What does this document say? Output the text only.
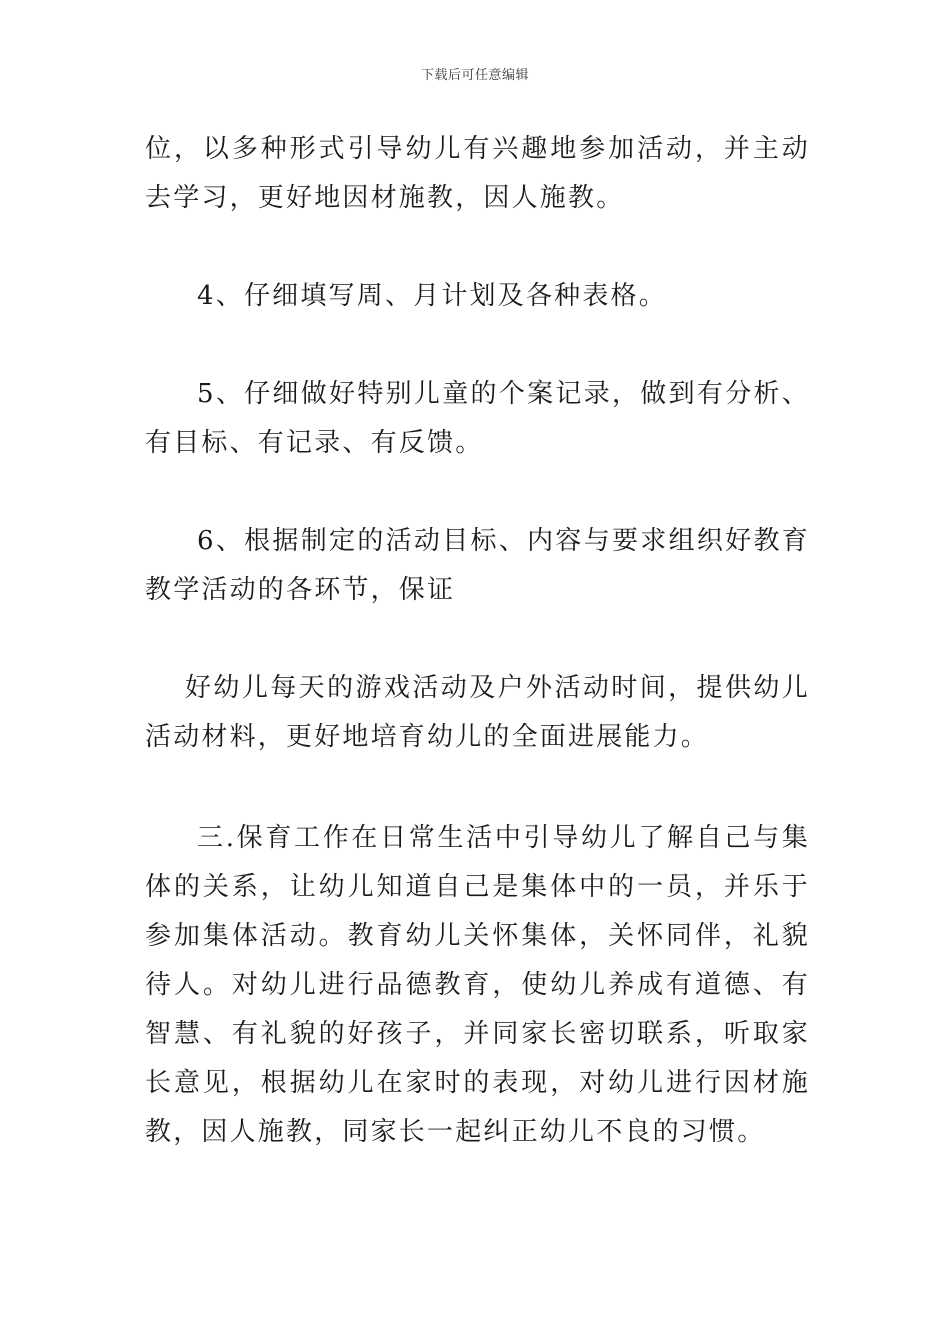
下载后可任意编辑

位，以多种形式引导幼儿有兴趣地参加活动，并主动去学习，更好地因材施教，因人施教。

4、仔细填写周、月计划及各种表格。

5、仔细做好特别儿童的个案记录，做到有分析、有目标、有记录、有反馈。

6、根据制定的活动目标、内容与要求组织好教育教学活动的各环节，保证

好幼儿每天的游戏活动及户外活动时间，提供幼儿活动材料，更好地培育幼儿的全面进展能力。

三.保育工作在日常生活中引导幼儿了解自己与集体的关系，让幼儿知道自己是集体中的一员，并乐于参加集体活动。教育幼儿关怀集体，关怀同伴，礼貌待人。对幼儿进行品德教育，使幼儿养成有道德、有智慧、有礼貌的好孩子，并同家长密切联系，听取家长意见，根据幼儿在家时的表现，对幼儿进行因材施教，因人施教，同家长一起纠正幼儿不良的习惯。
